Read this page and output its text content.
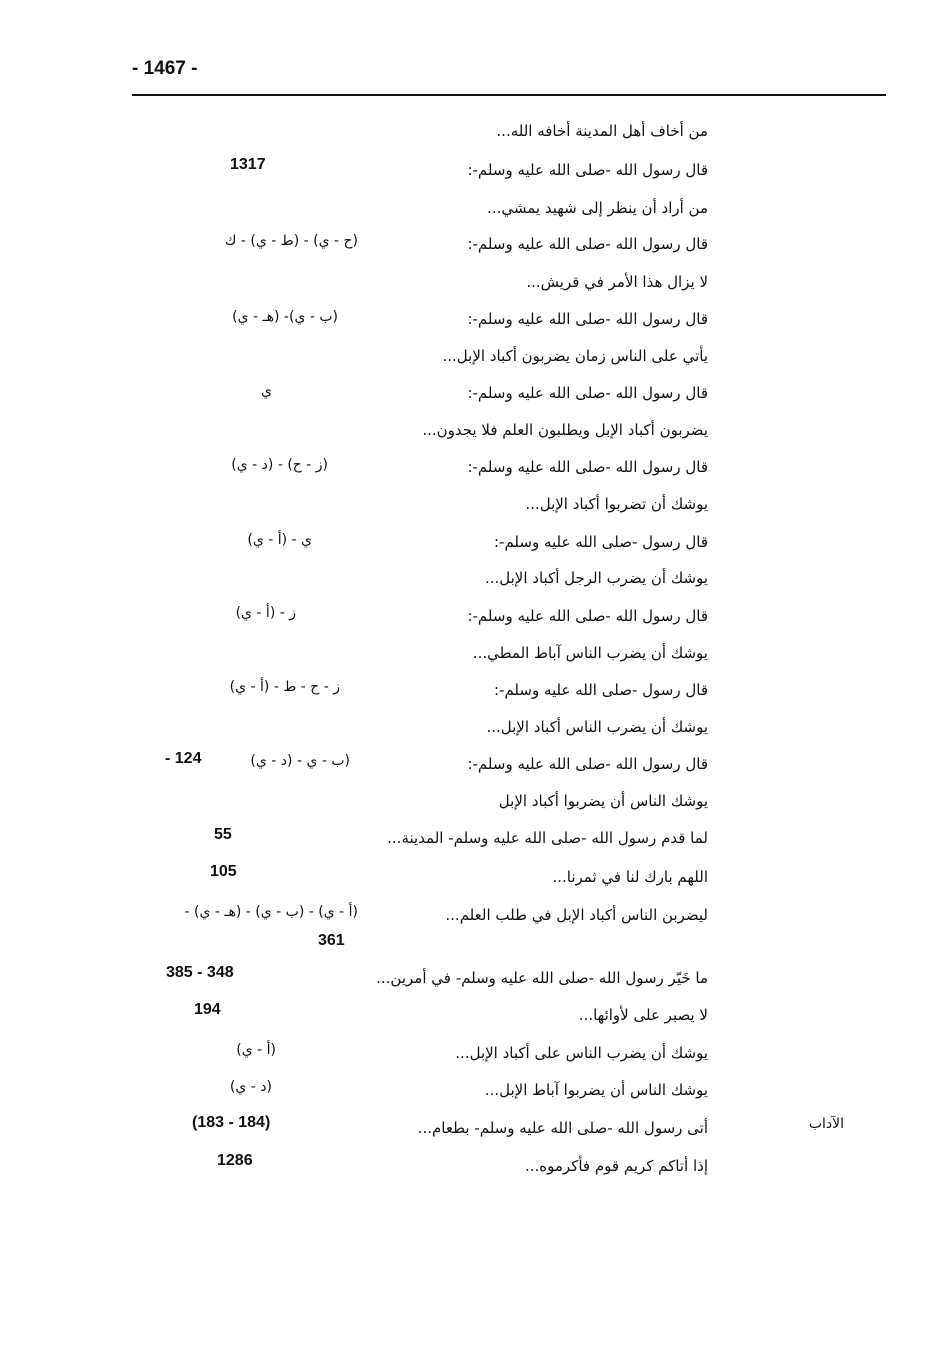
- 1467 -
من أخاف أهل المدينة أخافه الله...
قال رسول الله -صلى الله عليه وسلم-:
1317
من أراد أن ينظر إلى شهيد يمشي...
قال رسول الله -صلى الله عليه وسلم-:
(ح - ي) - (ط - ي) - ك
لا يزال هذا الأمر في قريش...
قال رسول الله -صلى الله عليه وسلم-:
(ب - ي)- (هـ - ي)
يأتي على الناس زمان يضربون أكباد الإبل...
قال رسول الله -صلى الله عليه وسلم-:
ي
يضربون أكباد الإبل ويطلبون العلم فلا يجدون...
قال رسول الله -صلى الله عليه وسلم-:
(ز - ح) - (د - ي)
يوشك أن تضربوا أكباد الإبل...
قال رسول -صلى الله عليه وسلم-:
ي - (أ - ي)
يوشك أن يضرب الرجل أكباد الإبل...
قال رسول الله -صلى الله عليه وسلم-:
ز - (أ - ي)
يوشك أن يضرب الناس آباط المطي...
قال رسول -صلى الله عليه وسلم-:
ز - ح - ط - (أ - ي)
يوشك أن يضرب الناس أكباد الإبل...
قال رسول الله -صلى الله عليه وسلم-:
(ب - ي - (د - ي)
- 124
يوشك الناس أن يضربوا أكباد الإبل
لما قدم رسول الله -صلى الله عليه وسلم- المدينة...
55
اللهم بارك لنا في ثمرنا...
105
ليضربن الناس أكباد الإبل في طلب العلم...
(أ - ي) - (ب - ي) - (هـ - ي) -
361
ما خَيّر رسول الله -صلى الله عليه وسلم- في أمرين...
385 - 348
لا يصبر على لأوائها...
194
يوشك أن يضرب الناس على أكباد الإبل...
(أ - ي)
يوشك الناس أن يضربوا آباط الإبل...
(د - ي)
أتى رسول الله -صلى الله عليه وسلم- بطعام...
(183 - 184)
إذا أتاكم كريم قوم فأكرموه...
1286
الآداب
